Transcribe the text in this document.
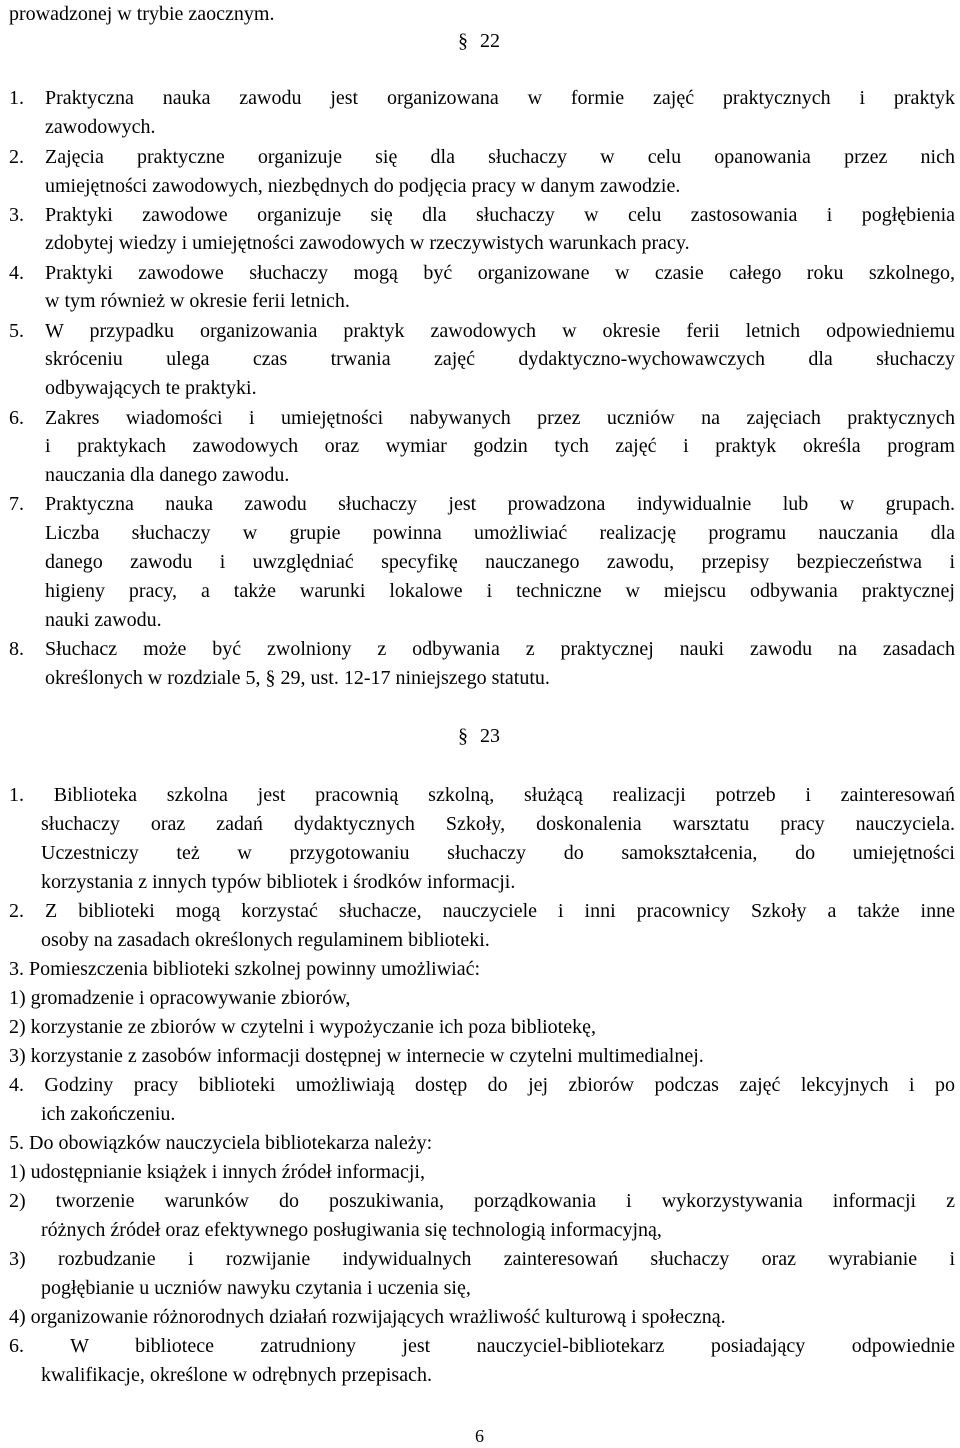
prowadzonej w trybie zaocznym.
§ 22
1. Praktyczna nauka zawodu jest organizowana w formie zajęć praktycznych i praktyk
zawodowych.
2. Zajęcia praktyczne organizuje się dla słuchaczy w celu opanowania przez nich
umiejętności zawodowych, niezbędnych do podjęcia pracy w danym zawodzie.
3. Praktyki zawodowe organizuje się dla słuchaczy w celu zastosowania i pogłębienia
zdobytej wiedzy i umiejętności zawodowych w rzeczywistych warunkach pracy.
4. Praktyki zawodowe słuchaczy mogą być organizowane w czasie całego roku szkolnego,
w tym również w okresie ferii letnich.
5. W przypadku organizowania praktyk zawodowych w okresie ferii letnich odpowiedniemu
skróceniu ulega czas trwania zajęć dydaktyczno-wychowawczych dla słuchaczy
odbywających te praktyki.
6. Zakres wiadomości i umiejętności nabywanych przez uczniów na zajęciach praktycznych
i praktykach zawodowych oraz wymiar godzin tych zajęć i praktyk określa program
nauczania dla danego zawodu.
7. Praktyczna nauka zawodu słuchaczy jest prowadzona indywidualnie lub w grupach.
Liczba słuchaczy w grupie powinna umożliwiać realizację programu nauczania dla
danego zawodu i uwzględniać specyfikę nauczanego zawodu, przepisy bezpieczeństwa i
higieny pracy, a także warunki lokalowe i techniczne w miejscu odbywania praktycznej
nauki zawodu.
8. Słuchacz może być zwolniony z odbywania z praktycznej nauki zawodu na zasadach
określonych w rozdziale 5, § 29, ust. 12-17 niniejszego statutu.
§ 23
1. Biblioteka szkolna jest pracownią szkolną, służącą realizacji potrzeb i zainteresowań
słuchaczy oraz zadań dydaktycznych Szkoły, doskonalenia warsztatu pracy nauczyciela.
Uczestniczy też w przygotowaniu słuchaczy do samokształcenia, do umiejętności
korzystania z innych typów bibliotek i środków informacji.
2. Z biblioteki mogą korzystać słuchacze, nauczyciele i inni pracownicy Szkoły a także inne
osoby na zasadach określonych regulaminem biblioteki.
3. Pomieszczenia biblioteki szkolnej powinny umożliwiać:
1) gromadzenie i opracowywanie zbiorów,
2) korzystanie ze zbiorów w czytelni i wypożyczanie ich poza bibliotekę,
3) korzystanie z zasobów informacji dostępnej w internecie w czytelni multimedialnej.
4. Godziny pracy biblioteki umożliwiają dostęp do jej zbiorów podczas zajęć lekcyjnych i po
ich zakończeniu.
5. Do obowiązków nauczyciela bibliotekarza należy:
1) udostępnianie książek i innych źródeł informacji,
2) tworzenie warunków do poszukiwania, porządkowania i wykorzystywania informacji z
różnych źródeł oraz efektywnego posługiwania się technologią informacyjną,
3) rozbudzanie i rozwijanie indywidualnych zainteresowań słuchaczy oraz wyrabianie i
pogłębianie u uczniów nawyku czytania i uczenia się,
4) organizowanie różnorodnych działań rozwijających wrażliwość kulturową i społeczną.
6. W bibliotece zatrudniony jest nauczyciel-bibliotekarz posiadający odpowiednie
kwalifikacje, określone w odrębnych przepisach.
6
